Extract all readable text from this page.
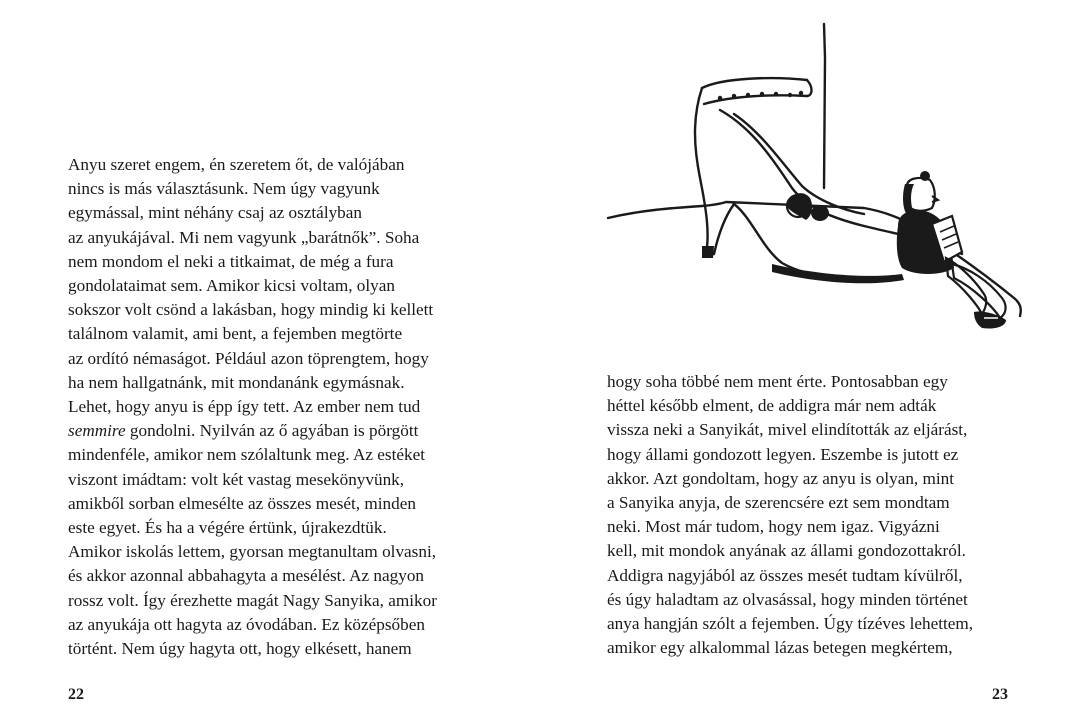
Anyu szeret engem, én szeretem őt, de valójában
nincs is más választásunk. Nem úgy vagyunk
egymással, mint néhány csaj az osztályban
az anyukájával. Mi nem vagyunk „barátnők”. Soha
nem mondom el neki a titkaimat, de még a fura
gondolataimat sem. Amikor kicsi voltam, olyan
sokszor volt csönd a lakásban, hogy mindig ki kellett
találnom valamit, ami bent, a fejemben megtörte
az ordító némaságot. Például azon töprengtem, hogy
ha nem hallgatnánk, mit mondanánk egymásnak.
Lehet, hogy anyu is épp így tett. Az ember nem tud
semmire gondolni. Nyilván az ő agyában is pörgött
mindenféle, amikor nem szólaltunk meg. Az estéket
viszont imádtam: volt két vastag mesekönyvünk,
amikből sorban elmesélte az összes mesét, minden
este egyet. És ha a végére értünk, újrakezdtük.
Amikor iskolás lettem, gyorsan megtanultam olvasni,
és akkor azonnal abbahagyta a mesélést. Az nagyon
rossz volt. Így érezhette magát Nagy Sanyika, amikor
az anyukája ott hagyta az óvodában. Ez középsőben
történt. Nem úgy hagyta ott, hogy elkésett, hanem
22
hogy soha többé nem ment érte. Pontosabban egy
héttel később elment, de addigra már nem adták
vissza neki a Sanyikát, mivel elindították az eljárást,
hogy állami gondozott legyen. Eszembe is jutott ez
akkor. Azt gondoltam, hogy az anyu is olyan, mint
a Sanyika anyja, de szerencsére ezt sem mondtam
neki. Most már tudom, hogy nem igaz. Vigyázni
kell, mit mondok anyának az állami gondozottakról.
Addigra nagyjából az összes mesét tudtam kívülről,
és úgy haladtam az olvasással, hogy minden történet
anya hangján szólt a fejemben. Úgy tízéves lehettem,
amikor egy alkalommal lázas betegen megkértem,
23
